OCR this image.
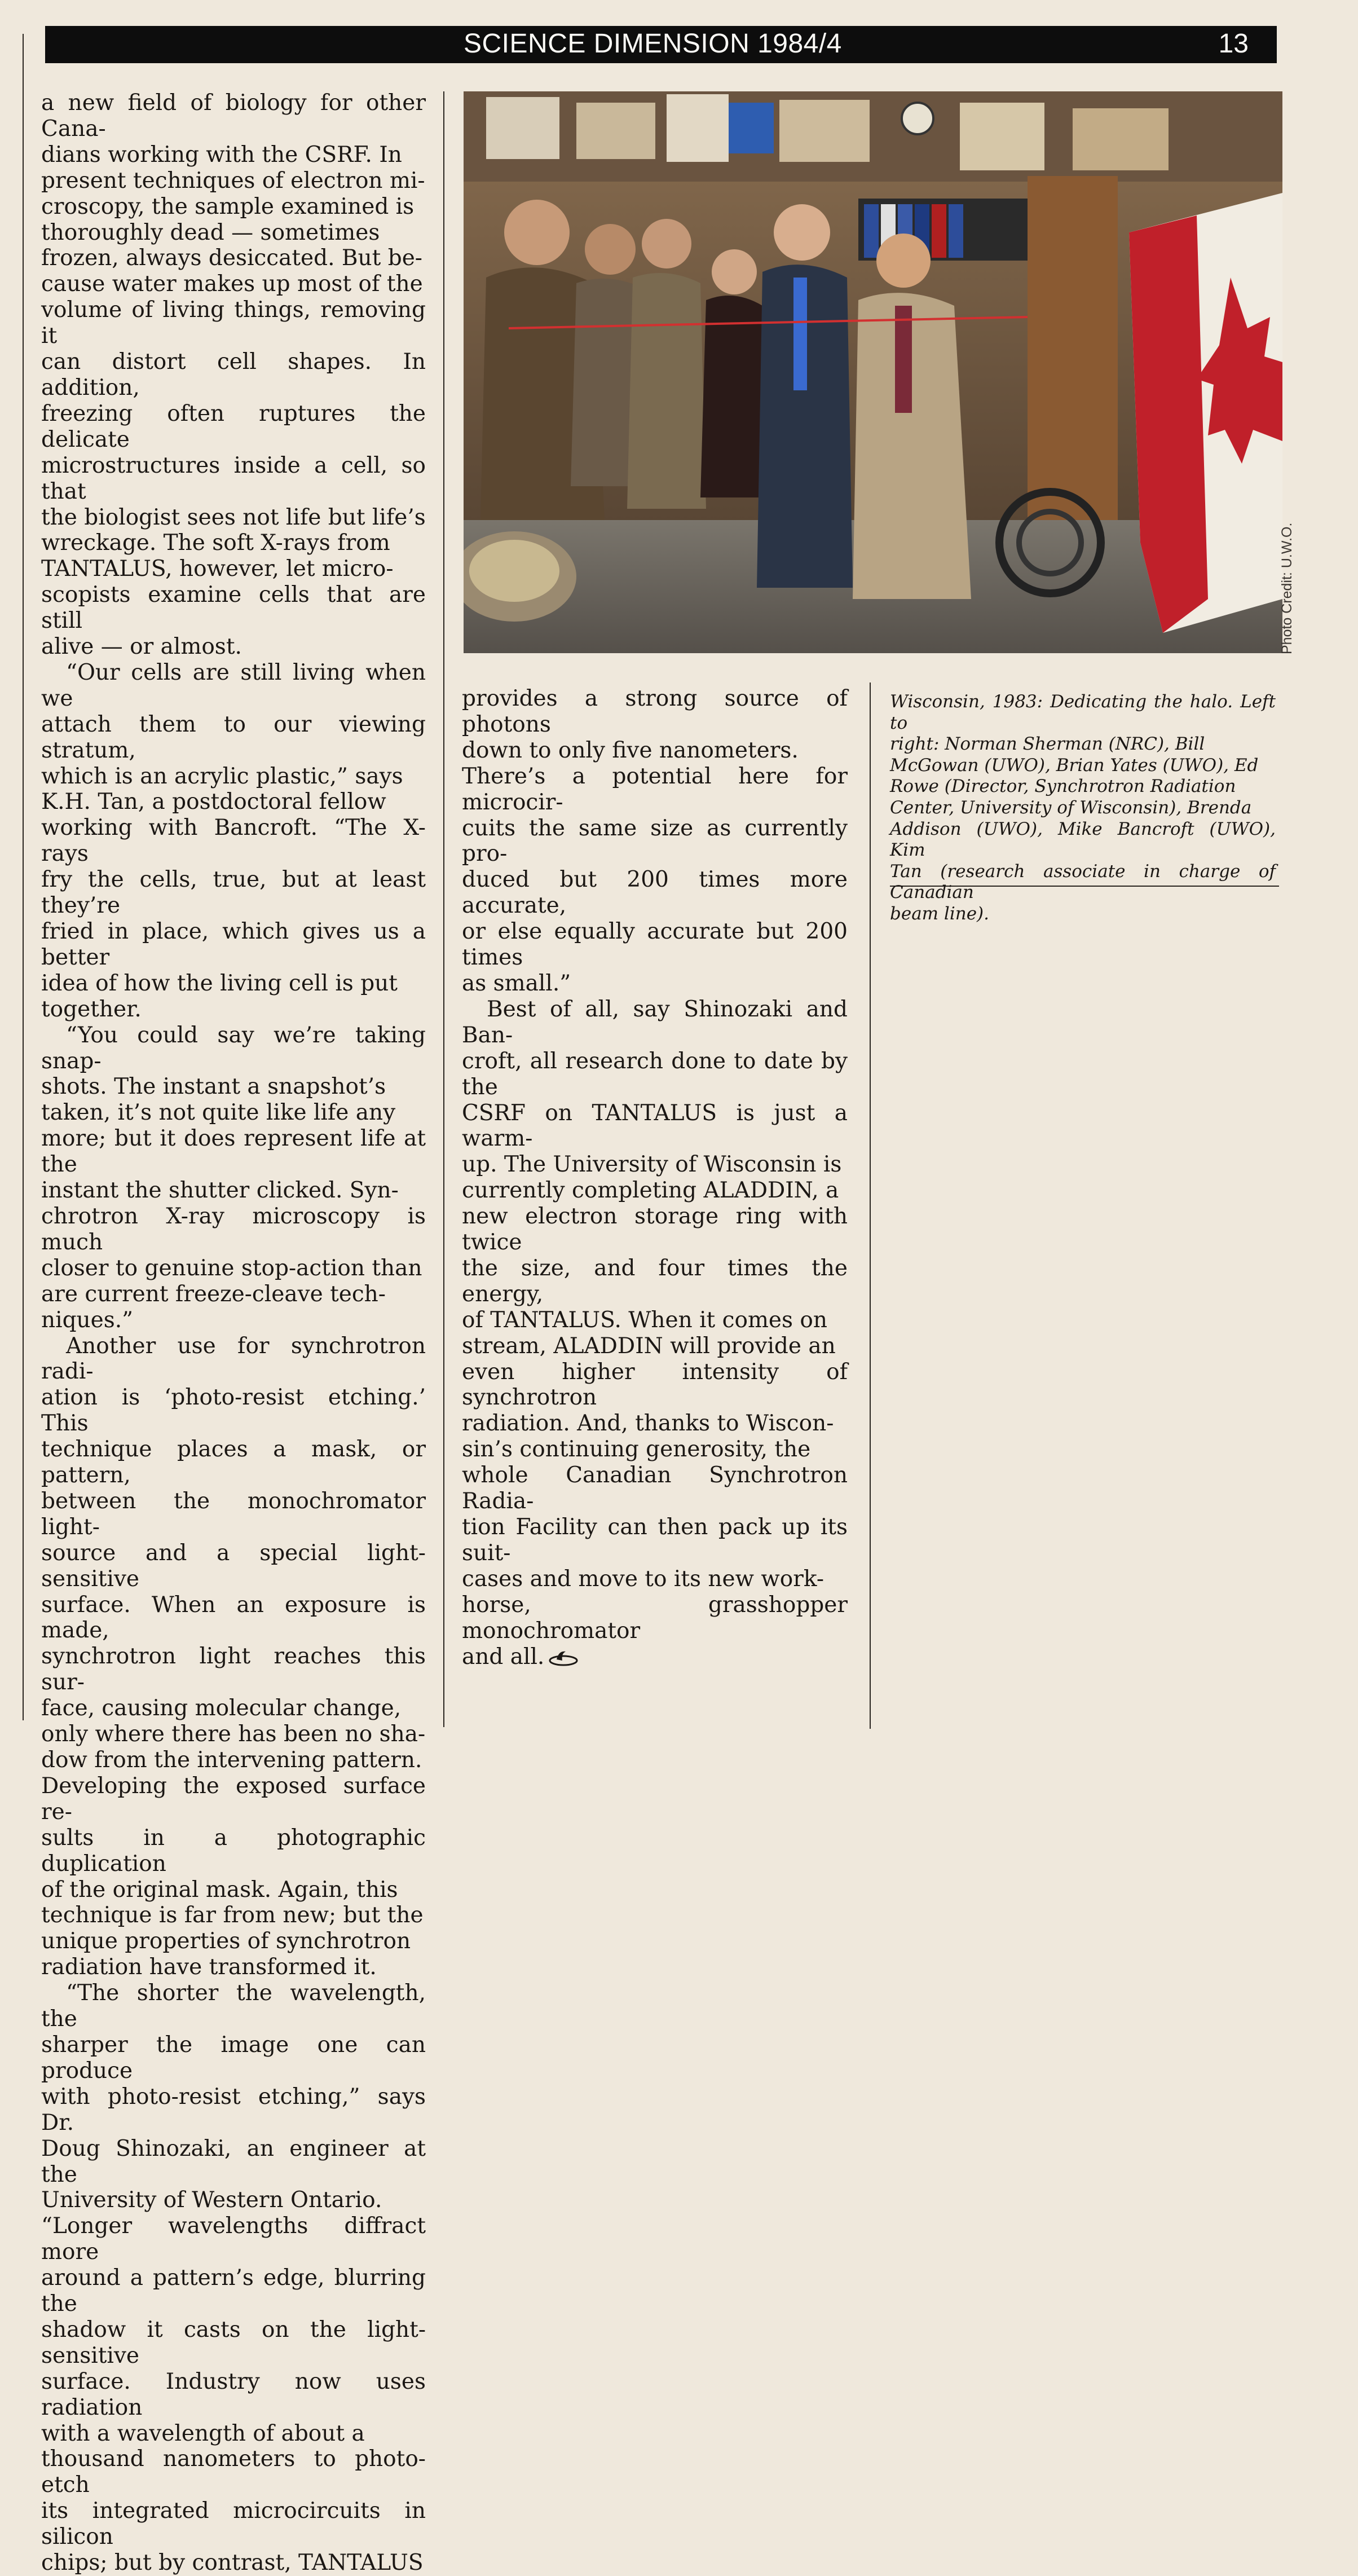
SCIENCE DIMENSION 1984/4	13

a new field of biology for other Cana-
dians working with the CSRF. In
present techniques of electron mi-
croscopy, the sample examined is
thoroughly dead — sometimes
frozen, always desiccated. But be-
cause water makes up most of the
volume of living things, removing it
can distort cell shapes. In addition,
freezing often ruptures the delicate
microstructures inside a cell, so that
the biologist sees not life but life’s
wreckage. The soft X-rays from
TANTALUS, however, let micro-
scopists examine cells that are still
alive — or almost.

“Our cells are still living when we
attach them to our viewing stratum,
which is an acrylic plastic,” says
K.H. Tan, a postdoctoral fellow
working with Bancroft. “The X-rays
fry the cells, true, but at least they’re
fried in place, which gives us a better
idea of how the living cell is put
together.

“You could say we’re taking snap-
shots. The instant a snapshot’s
taken, it’s not quite like life any
more; but it does represent life at the
instant the shutter clicked. Syn-
chrotron X-ray microscopy is much
closer to genuine stop-action than
are current freeze-cleave tech-
niques.”

Another use for synchrotron radi-
ation is ‘photo-resist etching.’ This
technique places a mask, or pattern,
between the monochromator light-
source and a special light-sensitive
surface. When an exposure is made,
synchrotron light reaches this sur-
face, causing molecular change,
only where there has been no sha-
dow from the intervening pattern.
Developing the exposed surface re-
sults in a photographic duplication
of the original mask. Again, this
technique is far from new; but the
unique properties of synchrotron
radiation have transformed it.

“The shorter the wavelength, the
sharper the image one can produce
with photo-resist etching,” says Dr.
Doug Shinozaki, an engineer at the
University of Western Ontario.
“Longer wavelengths diffract more
around a pattern’s edge, blurring the
shadow it casts on the light-sensitive
surface. Industry now uses radiation
with a wavelength of about a
thousand nanometers to photo-etch
its integrated microcircuits in silicon
chips; but by contrast, TANTALUS

provides a strong source of photons
down to only five nanometers.
There’s a potential here for microcir-
cuits the same size as currently pro-
duced but 200 times more accurate,
or else equally accurate but 200 times
as small.”

Best of all, say Shinozaki and Ban-
croft, all research done to date by the
CSRF on TANTALUS is just a warm-
up. The University of Wisconsin is
currently completing ALADDIN, a
new electron storage ring with twice
the size, and four times the energy,
of TANTALUS. When it comes on
stream, ALADDIN will provide an
even higher intensity of synchrotron
radiation. And, thanks to Wiscon-
sin’s continuing generosity, the
whole Canadian Synchrotron Radia-
tion Facility can then pack up its suit-
cases and move to its new work-
horse, grasshopper monochromator
and all.

Photo Credit: U.W.O.
Wisconsin, 1983: Dedicating the halo. Left to
right: Norman Sherman (NRC), Bill
McGowan (UWO), Brian Yates (UWO), Ed
Rowe (Director, Synchrotron Radiation
Center, University of Wisconsin), Brenda
Addison (UWO), Mike Bancroft (UWO), Kim
Tan (research associate in charge of Canadian
beam line).
